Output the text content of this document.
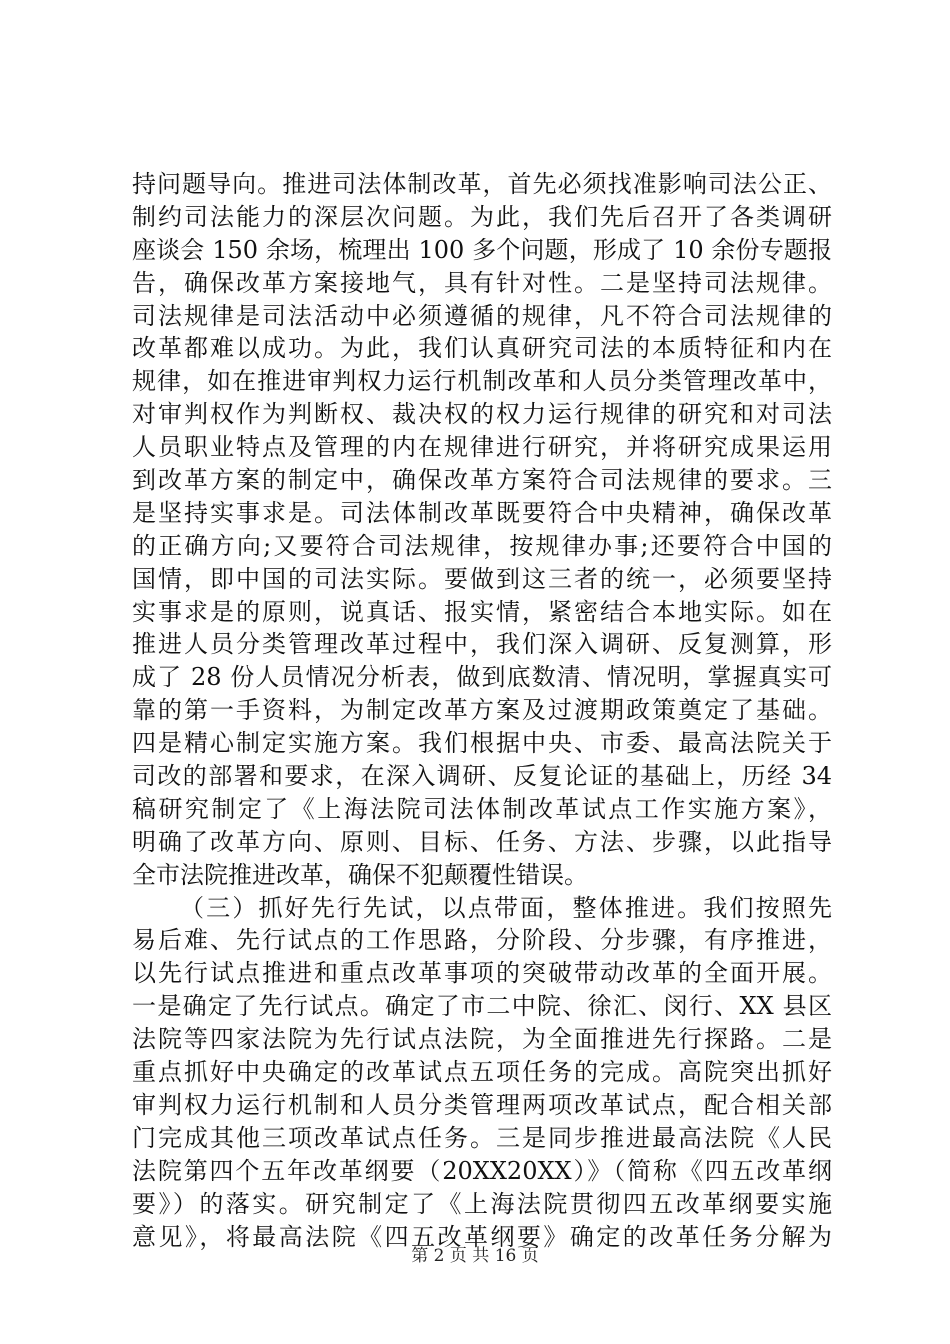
持问题导向。推进司法体制改革，首先必须找准影响司法公正、
制约司法能力的深层次问题。为此，我们先后召开了各类调研
座谈会 150 余场，梳理出 100 多个问题，形成了 10 余份专题报
告，确保改革方案接地气，具有针对性。二是坚持司法规律。
司法规律是司法活动中必须遵循的规律，凡不符合司法规律的
改革都难以成功。为此，我们认真研究司法的本质特征和内在
规律，如在推进审判权力运行机制改革和人员分类管理改革中，
对审判权作为判断权、裁决权的权力运行规律的研究和对司法
人员职业特点及管理的内在规律进行研究，并将研究成果运用
到改革方案的制定中，确保改革方案符合司法规律的要求。三
是坚持实事求是。司法体制改革既要符合中央精神，确保改革
的正确方向;又要符合司法规律，按规律办事;还要符合中国的
国情，即中国的司法实际。要做到这三者的统一，必须要坚持
实事求是的原则，说真话、报实情，紧密结合本地实际。如在
推进人员分类管理改革过程中，我们深入调研、反复测算，形
成了 28 份人员情况分析表，做到底数清、情况明，掌握真实可
靠的第一手资料，为制定改革方案及过渡期政策奠定了基础。
四是精心制定实施方案。我们根据中央、市委、最高法院关于
司改的部署和要求，在深入调研、反复论证的基础上，历经 34
稿研究制定了《上海法院司法体制改革试点工作实施方案》，
明确了改革方向、原则、目标、任务、方法、步骤，以此指导
全市法院推进改革，确保不犯颠覆性错误。
（三）抓好先行先试，以点带面，整体推进。我们按照先
易后难、先行试点的工作思路，分阶段、分步骤，有序推进，
以先行试点推进和重点改革事项的突破带动改革的全面开展。
一是确定了先行试点。确定了市二中院、徐汇、闵行、XX 县区
法院等四家法院为先行试点法院，为全面推进先行探路。二是
重点抓好中央确定的改革试点五项任务的完成。高院突出抓好
审判权力运行机制和人员分类管理两项改革试点，配合相关部
门完成其他三项改革试点任务。三是同步推进最高法院《人民
法院第四个五年改革纲要（20XX20XX）》（简称《四五改革纲
要》）的落实。研究制定了《上海法院贯彻四五改革纲要实施
意见》，将最高法院《四五改革纲要》确定的改革任务分解为
第 2 页 共 16 页
